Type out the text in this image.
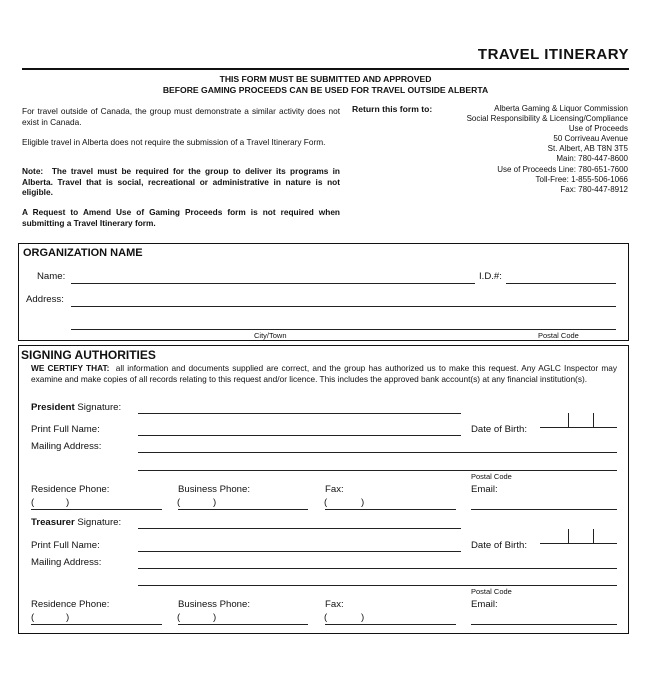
TRAVEL ITINERARY
THIS FORM MUST BE SUBMITTED AND APPROVED
BEFORE GAMING PROCEEDS CAN BE USED FOR TRAVEL OUTSIDE ALBERTA
For travel outside of Canada, the group must demonstrate a similar activity does not exist in Canada.
Eligible travel in Alberta does not require the submission of a Travel Itinerary Form.
Note: The travel must be required for the group to deliver its programs in Alberta. Travel that is social, recreational or administrative in nature is not eligible.
A Request to Amend Use of Gaming Proceeds form is not required when submitting a Travel Itinerary form.
Return this form to:	Alberta Gaming & Liquor Commission
Social Responsibility & Licensing/Compliance
Use of Proceeds
50 Corriveau Avenue
St. Albert, AB T8N 3T5
Main: 780-447-8600
Use of Proceeds Line: 780-651-7600
Toll-Free: 1-855-506-1066
Fax: 780-447-8912
ORGANIZATION NAME
Name:	I.D.#:
Address:
City/Town	Postal Code
SIGNING AUTHORITIES
WE CERTIFY THAT: all information and documents supplied are correct, and the group has authorized us to make this request. Any AGLC Inspector may examine and make copies of all records relating to this request and/or licence. This includes the approved bank account(s) at any financial institution(s).
President Signature:
Print Full Name:	Date of Birth:
Mailing Address:
Postal Code
Residence Phone:	Business Phone:	Fax:	Email:
(	)	(	)	(	)
Treasurer Signature:
Print Full Name:	Date of Birth:
Mailing Address:
Postal Code
Residence Phone:	Business Phone:	Fax:	Email:
(	)	(	)	(	)
